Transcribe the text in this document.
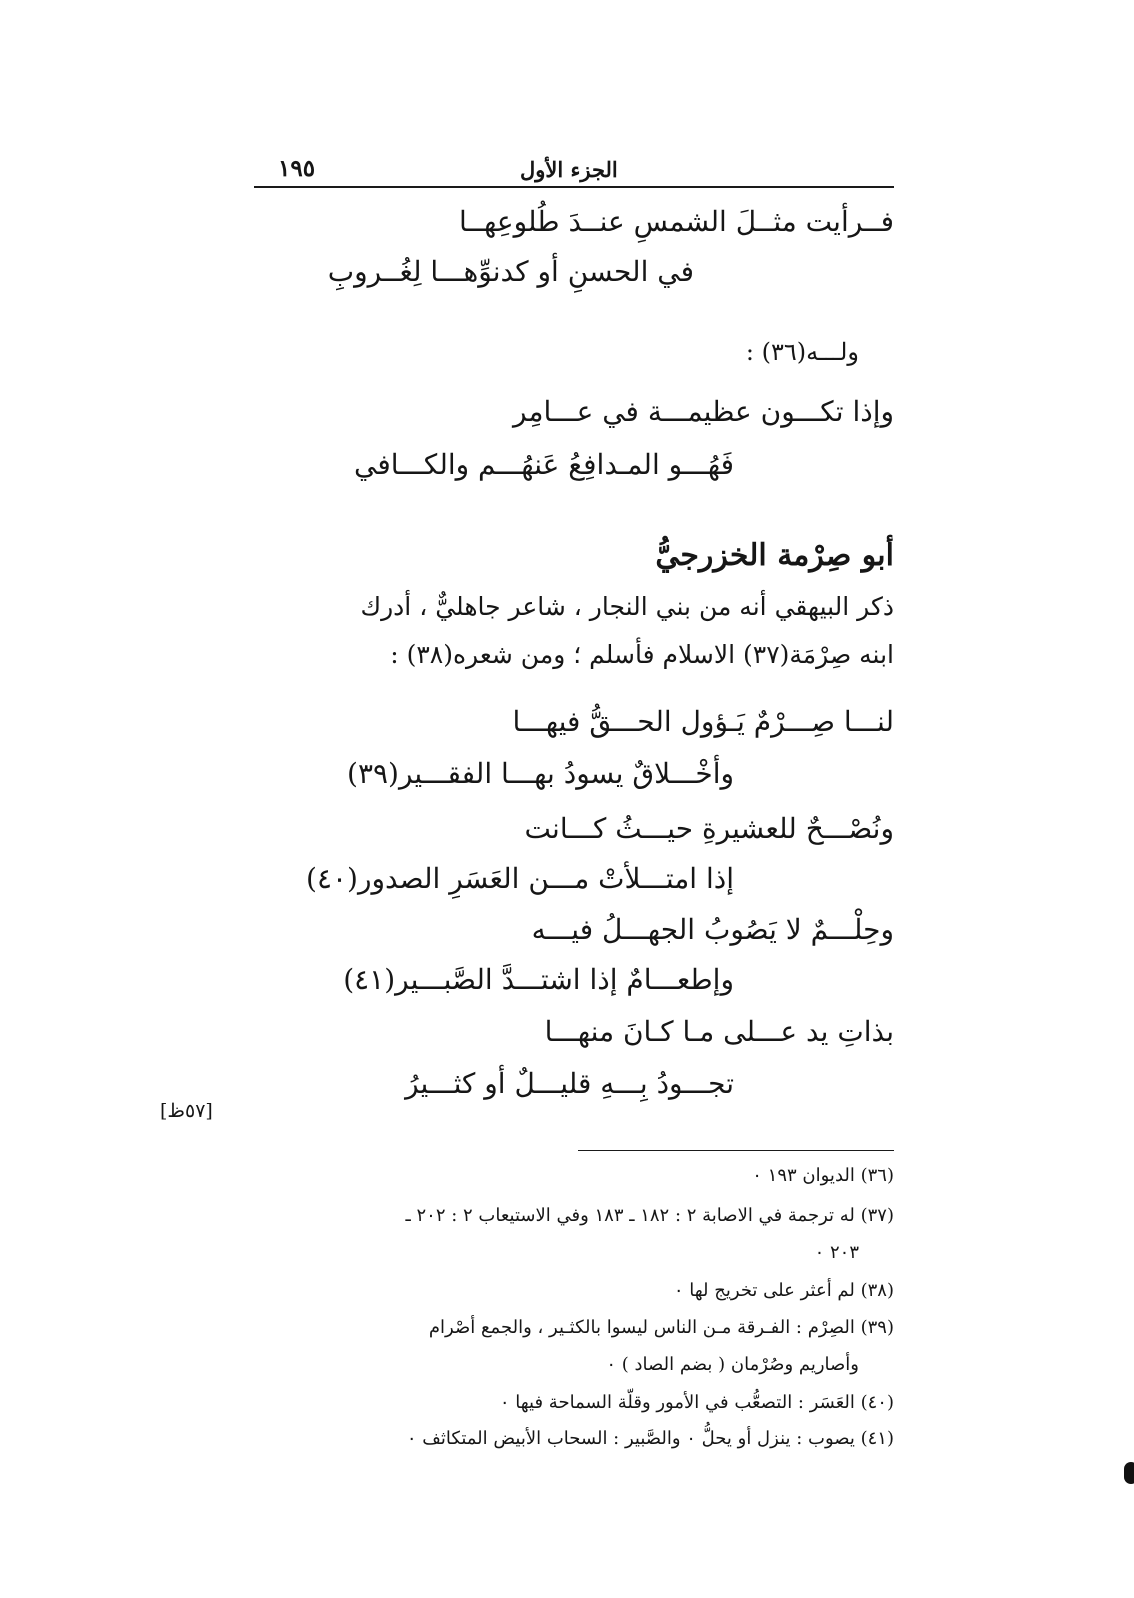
الجزء الأول
١٩٥
فــرأيت مثــلَ الشمسِ عنــدَ طُلوعِهــا
في الحسنِ أو كدنوِّهـــا لِغُــروبِ
ولـــه(٣٦) :
وإذا تكـــون عظيمـــة في عـــامِر
فَهُـــو المـدافِعُ عَنهُـــم والكـــافي
أبو صِرْمة الخزرجيُّ
ذكر البيهقي أنه من بني النجار ، شاعر جاهليٌّ ، أدرك
ابنه صِرْمَة(٣٧) الاسلام فأسلم ؛ ومن شعره(٣٨) :
لنـــا صِـــرْمٌ يَـؤول الحـــقُّ فيهـــا
وأخْـــلاقٌ يسودُ بهـــا الفقـــير(٣٩)
ونُصْـــحٌ للعشيرةِ حيـــثُ كـــانت
إذا امتـــلأتْ مـــن العَسَرِ الصدور(٤٠)
وحِلْـــمٌ لا يَصُوبُ الجهـــلُ فيـــه
وإطعـــامٌ إذا اشتـــدَّ الصَّبـــير(٤١)
بذاتِ يد عـــلى مـا كـانَ منهـــا
تجـــودُ بِـــهِ قليـــلٌ أو كثـــيرُ
[٥٧ظ]
(٣٦) الديوان ١٩٣ ٠
(٣٧) له ترجمة في الاصابة ٢ : ١٨٢ ـ ١٨٣ وفي الاستيعاب ٢ : ٢٠٢ ـ
٢٠٣ ٠
(٣٨) لم أعثر على تخريج لها ٠
(٣٩) الصِرْم : الفـرقة مـن الناس ليسوا بالكثـير ، والجمع أصْرام
وأصاريم وصُرْمان ( بضم الصاد ) ٠
(٤٠) العَسَر : التصعُّب في الأمور وقلّة السماحة فيها ٠
(٤١) يصوب : ينزل أو يحلُّ ٠ والصَّبير : السحاب الأبيض المتكاثف ٠
